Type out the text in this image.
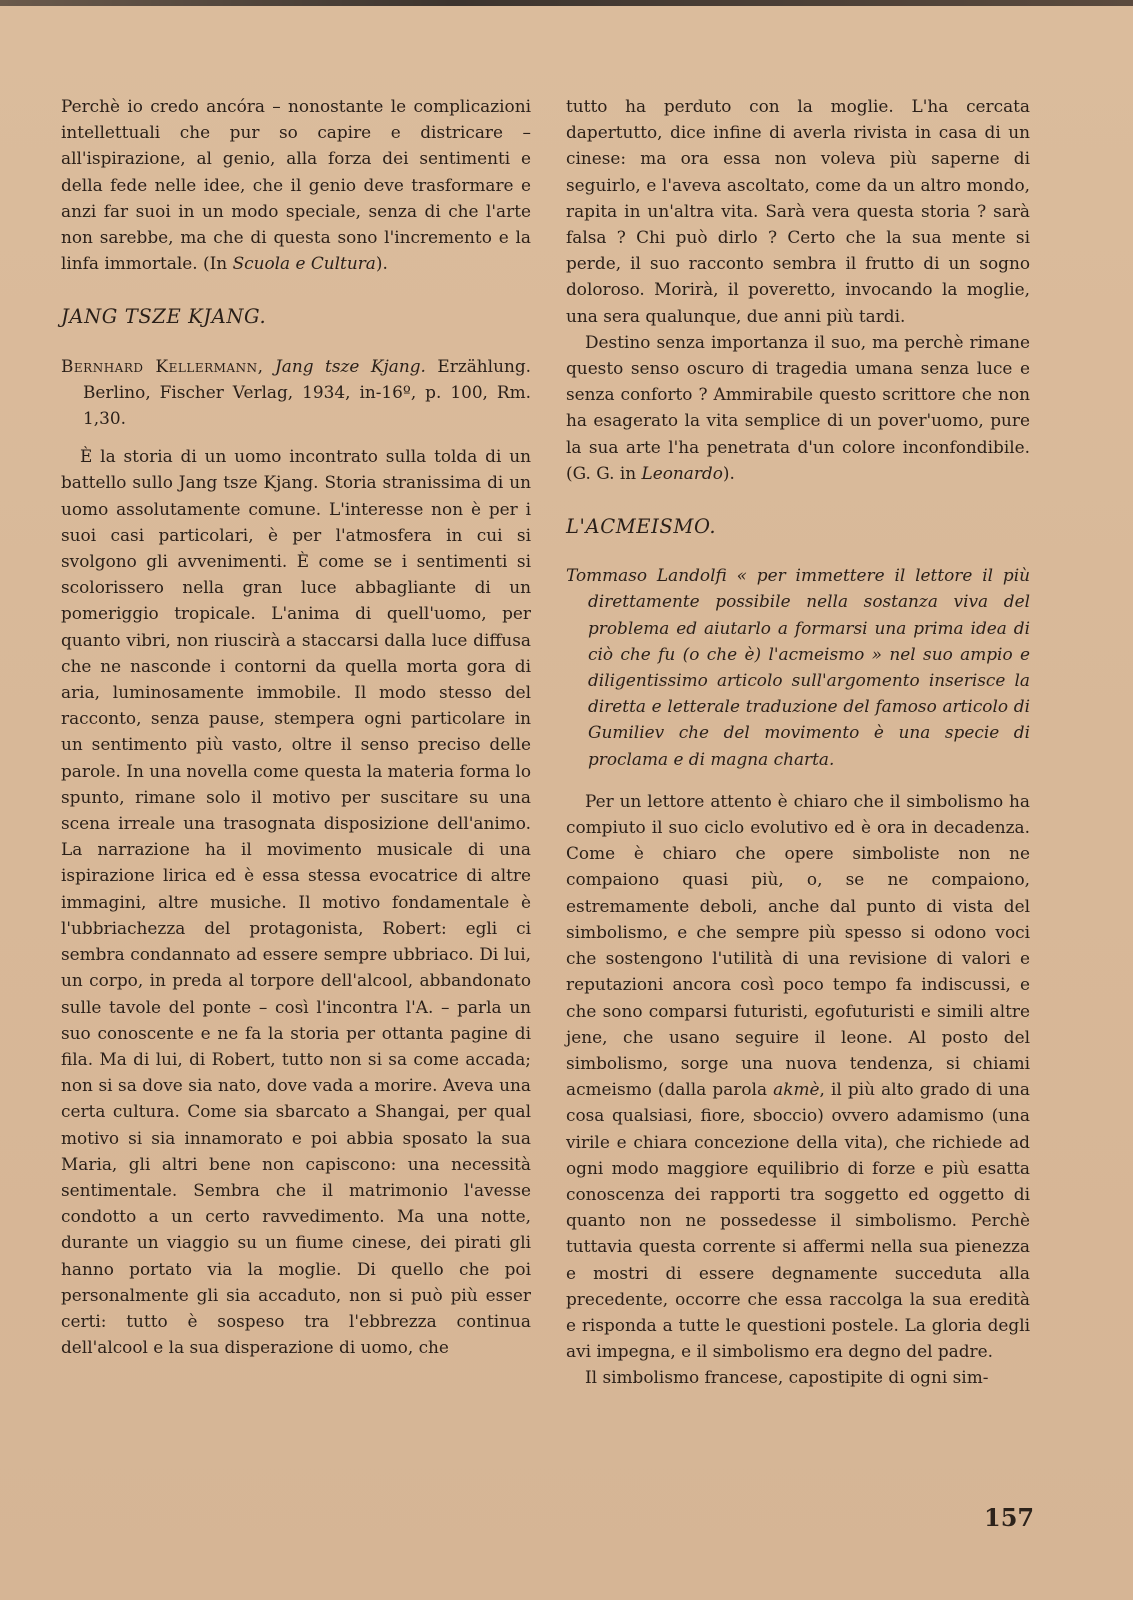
Perchè io credo ancóra – nonostante le complicazioni intellettuali che pur so capire e districare – all'ispirazione, al genio, alla forza dei sentimenti e della fede nelle idee, che il genio deve trasformare e anzi far suoi in un modo speciale, senza di che l'arte non sarebbe, ma che di questa sono l'incremento e la linfa immortale. (In Scuola e Cultura).

JANG TSZE KJANG.

Bernhard Kellermann, Jang tsze Kjang. Erzählung. Berlino, Fischer Verlag, 1934, in-16º, p. 100, Rm. 1,30.

È la storia di un uomo incontrato sulla tolda di un battello sullo Jang tsze Kjang. Storia stranissima di un uomo assolutamente comune. L'interesse non è per i suoi casi particolari, è per l'atmosfera in cui si svolgono gli avvenimenti. È come se i sentimenti si scolorissero nella gran luce abbagliante di un pomeriggio tropicale. L'anima di quell'uomo, per quanto vibri, non riuscirà a staccarsi dalla luce diffusa che ne nasconde i contorni da quella morta gora di aria, luminosamente immobile. Il modo stesso del racconto, senza pause, stempera ogni particolare in un sentimento più vasto, oltre il senso preciso delle parole. In una novella come questa la materia forma lo spunto, rimane solo il motivo per suscitare su una scena irreale una trasognata disposizione dell'animo. La narrazione ha il movimento musicale di una ispirazione lirica ed è essa stessa evocatrice di altre immagini, altre musiche. Il motivo fondamentale è l'ubbriachezza del protagonista, Robert: egli ci sembra condannato ad essere sempre ubbriaco. Di lui, un corpo, in preda al torpore dell'alcool, abbandonato sulle tavole del ponte – così l'incontra l'A. – parla un suo conoscente e ne fa la storia per ottanta pagine di fila. Ma di lui, di Robert, tutto non si sa come accada; non si sa dove sia nato, dove vada a morire. Aveva una certa cultura. Come sia sbarcato a Shangai, per qual motivo si sia innamorato e poi abbia sposato la sua Maria, gli altri bene non capiscono: una necessità sentimentale. Sembra che il matrimonio l'avesse condotto a un certo ravvedimento. Ma una notte, durante un viaggio su un fiume cinese, dei pirati gli hanno portato via la moglie. Di quello che poi personalmente gli sia accaduto, non si può più esser certi: tutto è sospeso tra l'ebbrezza continua dell'alcool e la sua disperazione di uomo, che

tutto ha perduto con la moglie. L'ha cercata dapertutto, dice infine di averla rivista in casa di un cinese: ma ora essa non voleva più saperne di seguirlo, e l'aveva ascoltato, come da un altro mondo, rapita in un'altra vita. Sarà vera questa storia ? sarà falsa ? Chi può dirlo ? Certo che la sua mente si perde, il suo racconto sembra il frutto di un sogno doloroso. Morirà, il poveretto, invocando la moglie, una sera qualunque, due anni più tardi.

Destino senza importanza il suo, ma perchè rimane questo senso oscuro di tragedia umana senza luce e senza conforto ? Ammirabile questo scrittore che non ha esagerato la vita semplice di un pover'uomo, pure la sua arte l'ha penetrata d'un colore inconfondibile. (G. G. in Leonardo).

L'ACMEISMO.

Tommaso Landolfi « per immettere il lettore il più direttamente possibile nella sostanza viva del problema ed aiutarlo a formarsi una prima idea di ciò che fu (o che è) l'acmeismo » nel suo ampio e diligentissimo articolo sull'argomento inserisce la diretta e letterale traduzione del famoso articolo di Gumiliev che del movimento è una specie di proclama e di magna charta.

Per un lettore attento è chiaro che il simbolismo ha compiuto il suo ciclo evolutivo ed è ora in decadenza. Come è chiaro che opere simboliste non ne compaiono quasi più, o, se ne compaiono, estremamente deboli, anche dal punto di vista del simbolismo, e che sempre più spesso si odono voci che sostengono l'utilità di una revisione di valori e reputazioni ancora così poco tempo fa indiscussi, e che sono comparsi futuristi, egofuturisti e simili altre jene, che usano seguire il leone. Al posto del simbolismo, sorge una nuova tendenza, si chiami acmeismo (dalla parola akmè, il più alto grado di una cosa qualsiasi, fiore, sboccio) ovvero adamismo (una virile e chiara concezione della vita), che richiede ad ogni modo maggiore equilibrio di forze e più esatta conoscenza dei rapporti tra soggetto ed oggetto di quanto non ne possedesse il simbolismo. Perchè tuttavia questa corrente si affermi nella sua pienezza e mostri di essere degnamente succeduta alla precedente, occorre che essa raccolga la sua eredità e risponda a tutte le questioni postele. La gloria degli avi impegna, e il simbolismo era degno del padre.

Il simbolismo francese, capostipite di ogni sim-

157
